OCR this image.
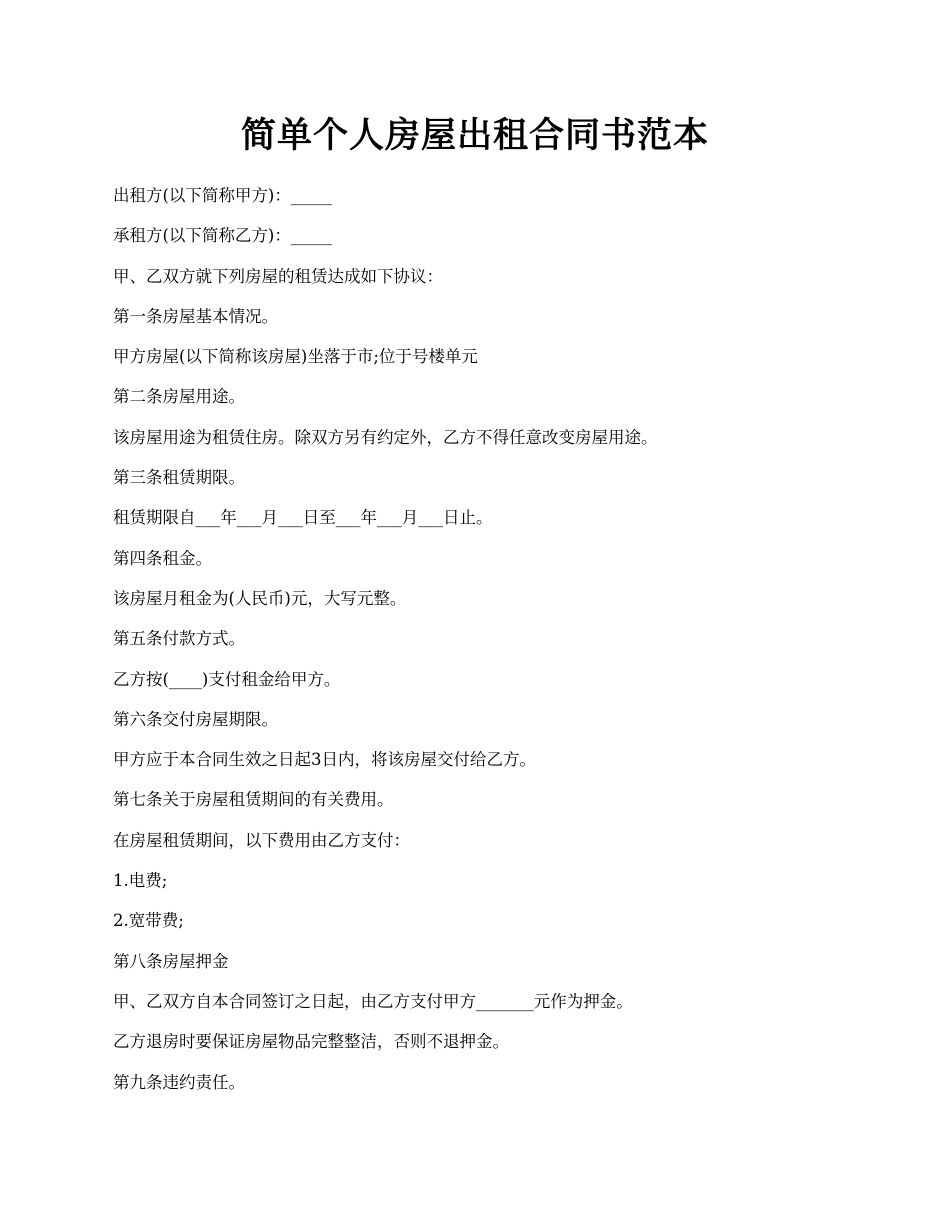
简单个人房屋出租合同书范本

出租方(以下简称甲方)：_____

承租方(以下简称乙方)：_____

甲、乙双方就下列房屋的租赁达成如下协议：

第一条房屋基本情况。

甲方房屋(以下简称该房屋)坐落于市;位于号楼单元

第二条房屋用途。

该房屋用途为租赁住房。除双方另有约定外，乙方不得任意改变房屋用途。

第三条租赁期限。

租赁期限自___年___月___日至___年___月___日止。

第四条租金。

该房屋月租金为(人民币)元，大写元整。

第五条付款方式。

乙方按(____)支付租金给甲方。

第六条交付房屋期限。

甲方应于本合同生效之日起3日内，将该房屋交付给乙方。

第七条关于房屋租赁期间的有关费用。

在房屋租赁期间，以下费用由乙方支付：

1.电费;

2.宽带费;

第八条房屋押金

甲、乙双方自本合同签订之日起，由乙方支付甲方_______元作为押金。

乙方退房时要保证房屋物品完整整洁，否则不退押金。

第九条违约责任。
